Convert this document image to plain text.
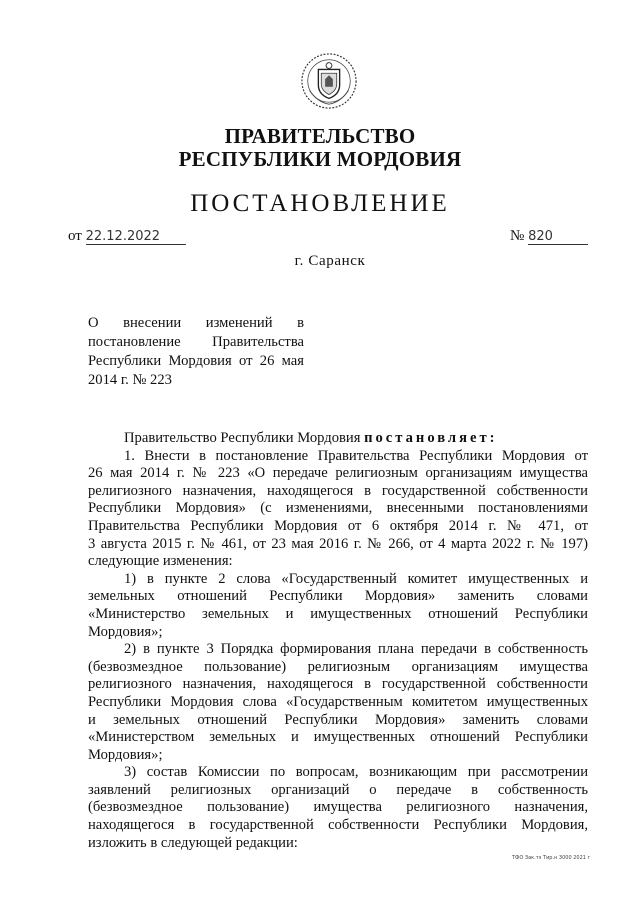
ПРАВИТЕЛЬСТВО
РЕСПУБЛИКИ МОРДОВИЯ
ПОСТАНОВЛЕНИЕ
от 22.12.2022	№ 820
г. Саранск
О внесении изменений в
постановление Правительства
Республики Мордовия от 26 мая
2014 г. № 223
Правительство Республики Мордовия постановляет:
1. Внести в постановление Правительства Республики Мордовия от
26 мая 2014 г. № 223 «О передаче религиозным организациям имущества
религиозного назначения, находящегося в государственной собственности
Республики Мордовия» (с изменениями, внесенными постановлениями
Правительства Республики Мордовия от 6 октября 2014 г. № 471, от
3 августа 2015 г. № 461, от 23 мая 2016 г. № 266, от 4 марта 2022 г. № 197)
следующие изменения:
1) в пункте 2 слова «Государственный комитет имущественных и
земельных отношений Республики Мордовия» заменить словами
«Министерство земельных и имущественных отношений Республики
Мордовия»;
2) в пункте 3 Порядка формирования плана передачи в собственность
(безвозмездное пользование) религиозным организациям имущества
религиозного назначения, находящегося в государственной собственности
Республики Мордовия слова «Государственным комитетом имущественных
и земельных отношений Республики Мордовия» заменить словами
«Министерством земельных и имущественных отношений Республики
Мордовия»;
3) состав Комиссии по вопросам, возникающим при рассмотрении
заявлений религиозных организаций о передаче в собственность
(безвозмездное пользование) имущества религиозного назначения,
находящегося в государственной собственности Республики Мордовия,
изложить в следующей редакции:
ТФО Зак.тэ Тир.н 3000 2021 г
